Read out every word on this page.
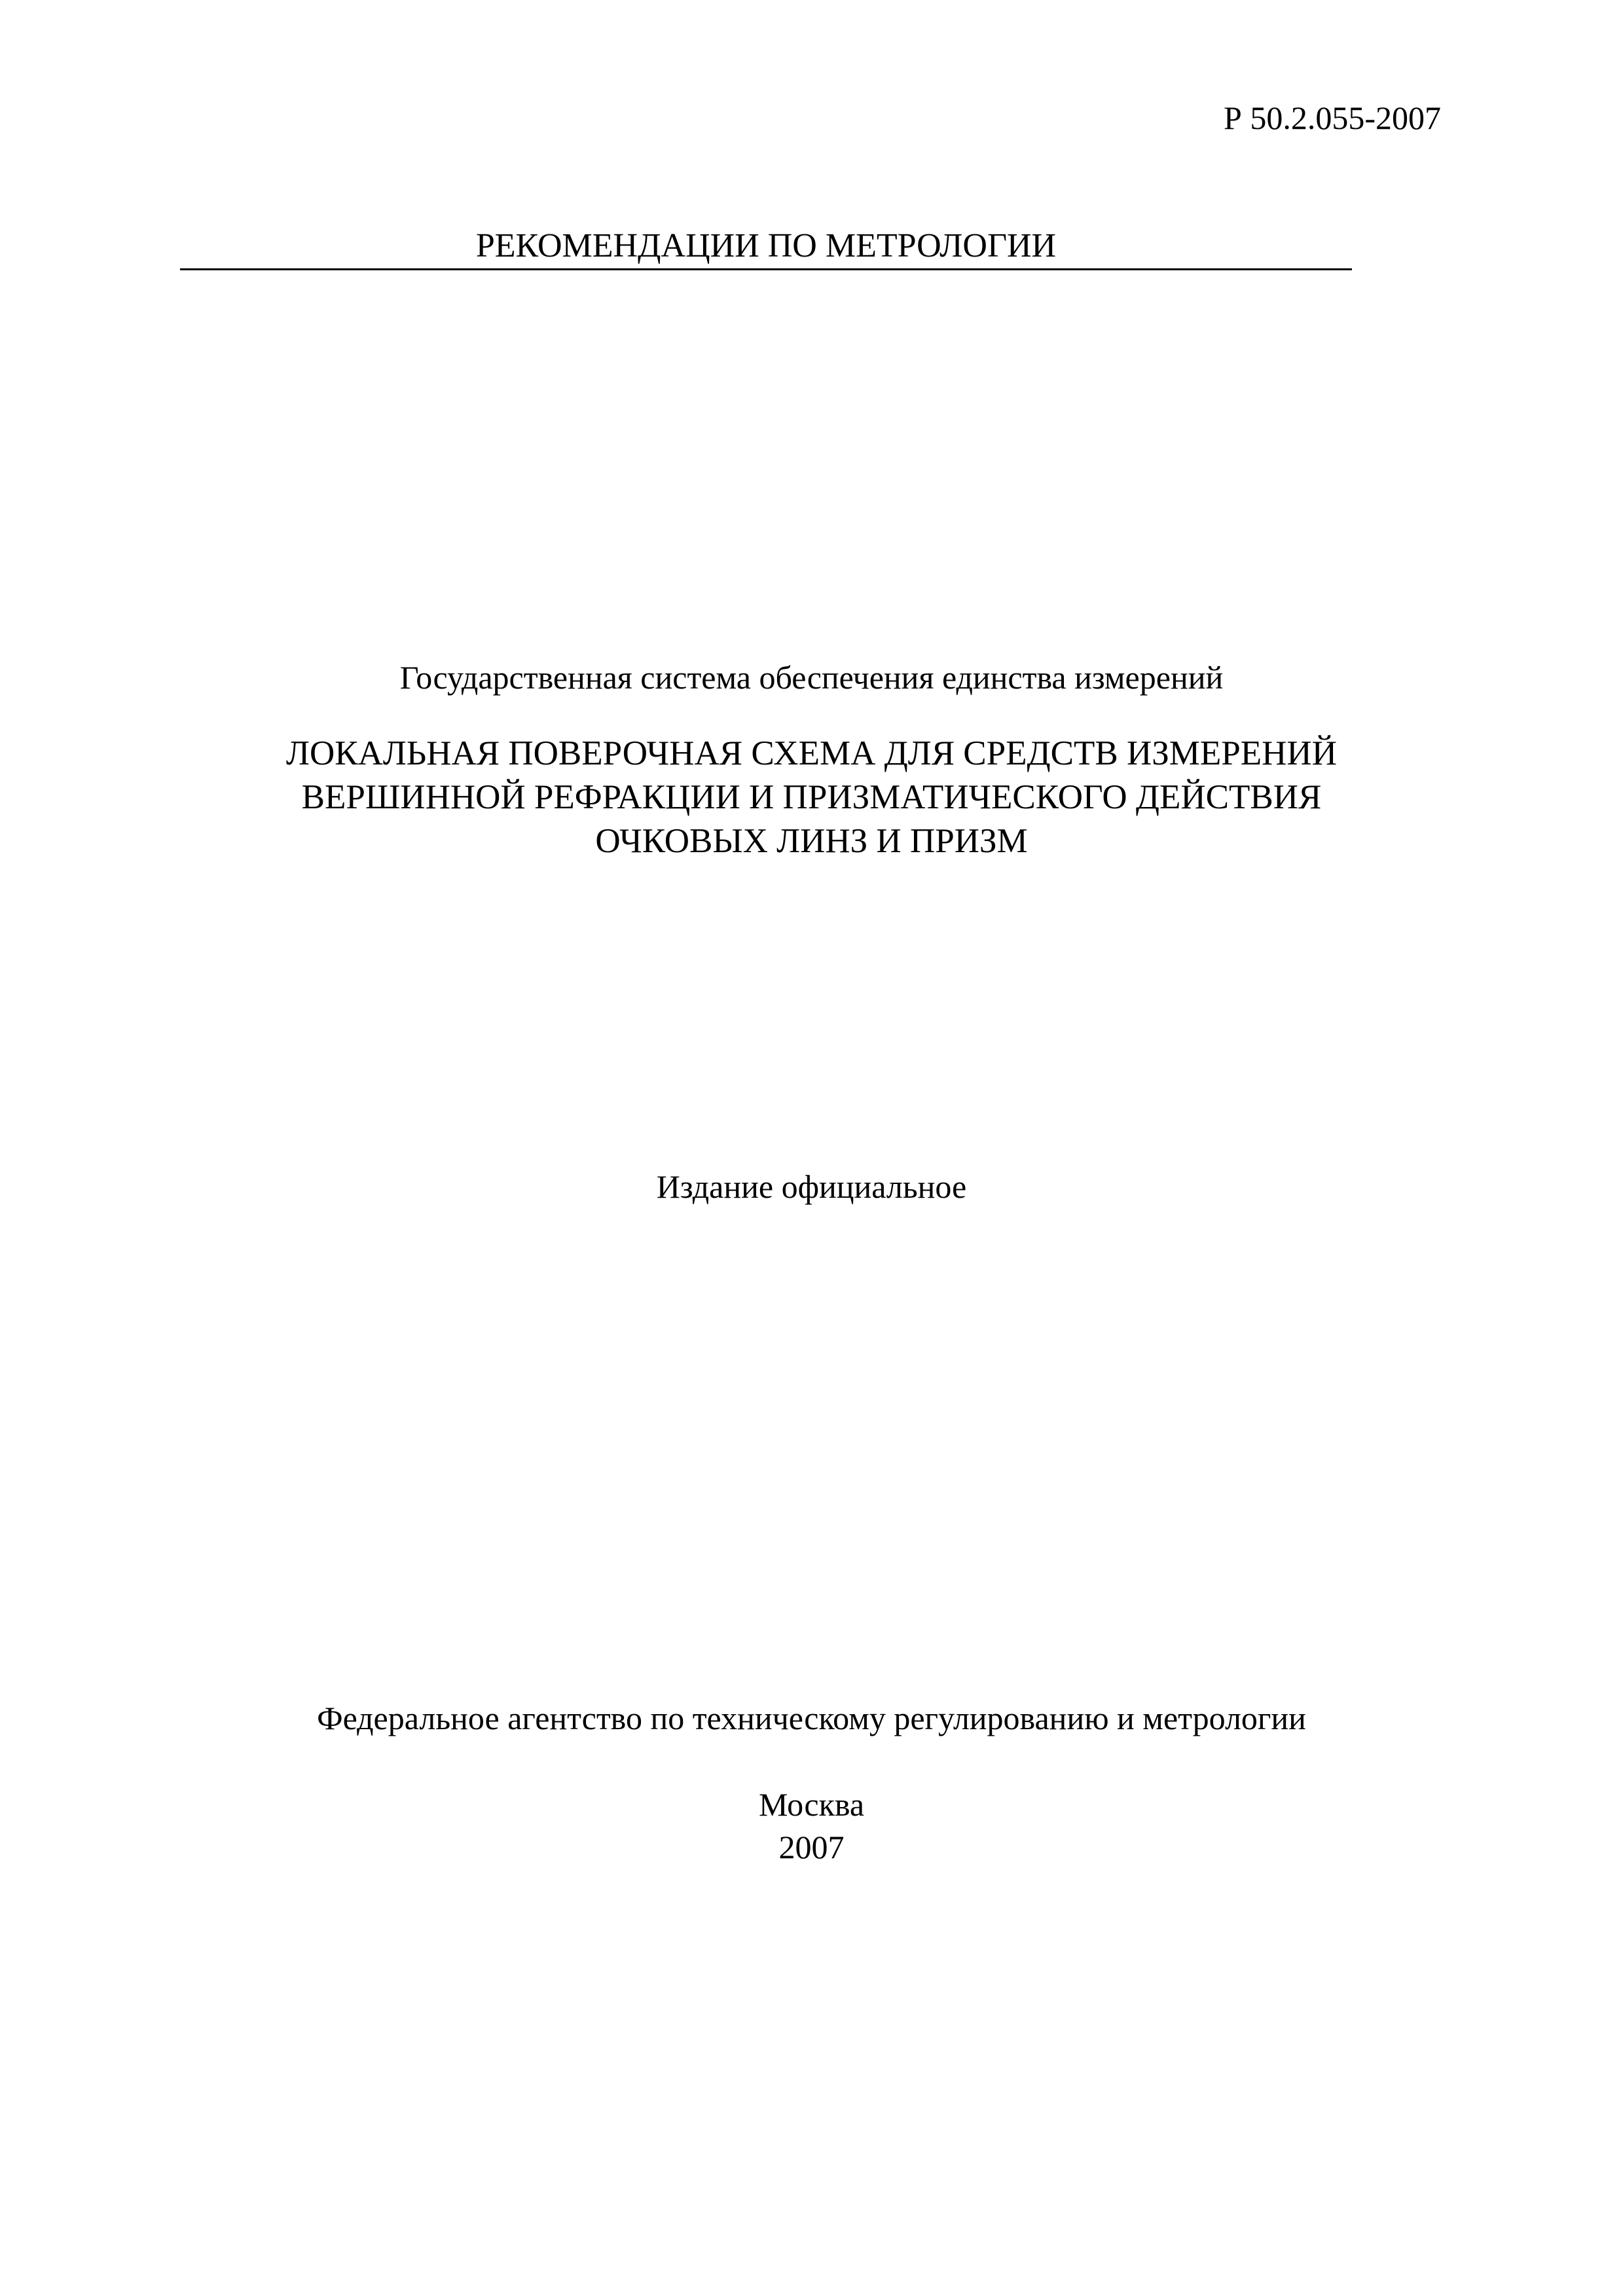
Р 50.2.055-2007
РЕКОМЕНДАЦИИ ПО МЕТРОЛОГИИ
Государственная система обеспечения единства измерений
ЛОКАЛЬНАЯ ПОВЕРОЧНАЯ СХЕМА ДЛЯ СРЕДСТВ ИЗМЕРЕНИЙ
ВЕРШИННОЙ РЕФРАКЦИИ И ПРИЗМАТИЧЕСКОГО ДЕЙСТВИЯ
ОЧКОВЫХ ЛИНЗ И ПРИЗМ
Издание официальное
Федеральное агентство по техническому регулированию и метрологии
Москва
2007
